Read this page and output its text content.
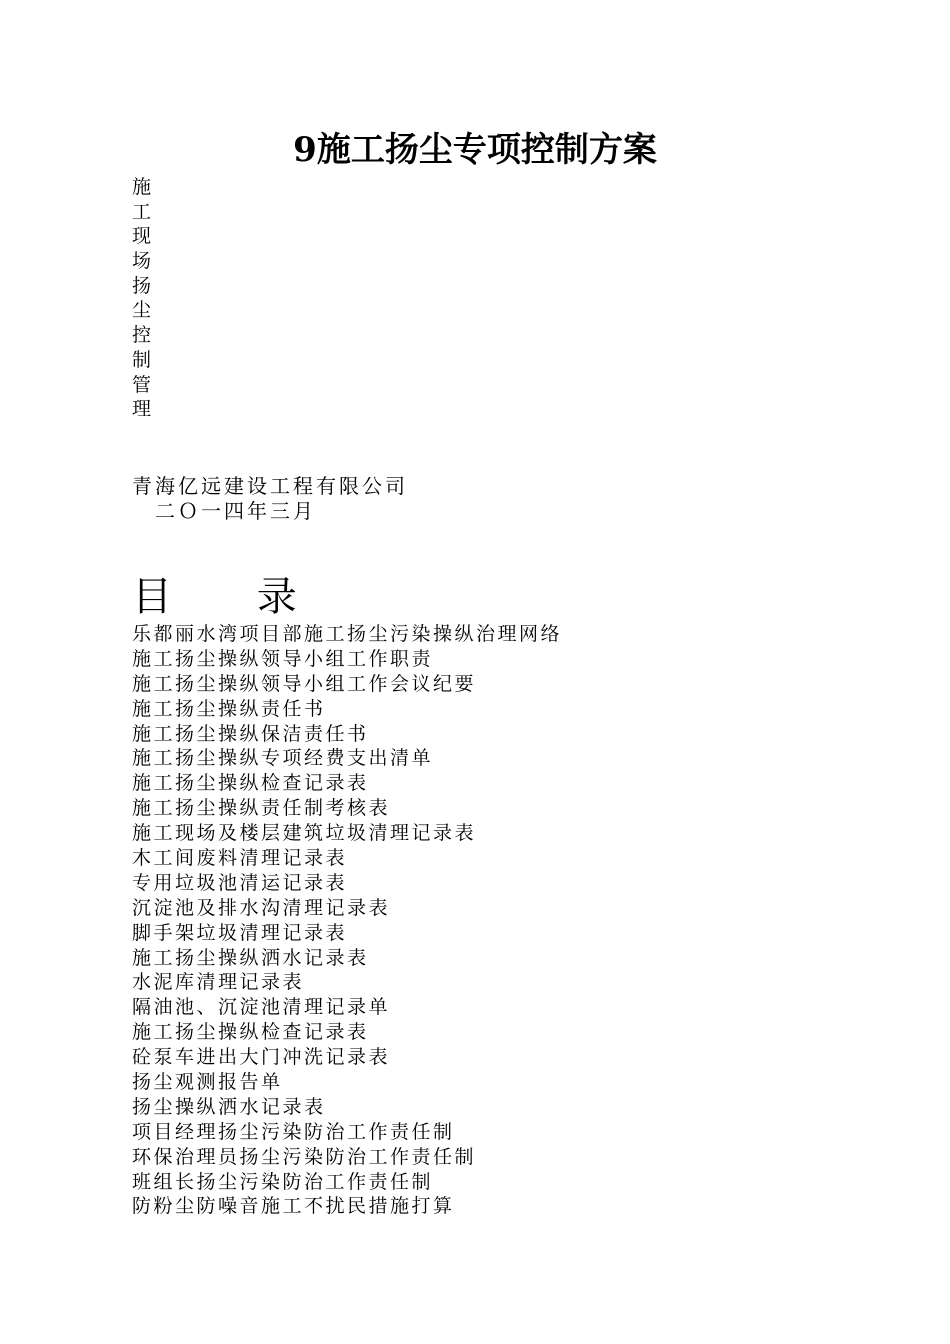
9施工扬尘专项控制方案
施
工
现
场
扬
尘
控
制
管
理
青海亿远建设工程有限公司
二Ｏ一四年三月
目 录
乐都丽水湾项目部施工扬尘污染操纵治理网络
施工扬尘操纵领导小组工作职责
施工扬尘操纵领导小组工作会议纪要
施工扬尘操纵责任书
施工扬尘操纵保洁责任书
施工扬尘操纵专项经费支出清单
施工扬尘操纵检查记录表
施工扬尘操纵责任制考核表
施工现场及楼层建筑垃圾清理记录表
木工间废料清理记录表
专用垃圾池清运记录表
沉淀池及排水沟清理记录表
脚手架垃圾清理记录表
施工扬尘操纵洒水记录表
水泥库清理记录表
隔油池、沉淀池清理记录单
施工扬尘操纵检查记录表
砼泵车进出大门冲洗记录表
扬尘观测报告单
扬尘操纵洒水记录表
项目经理扬尘污染防治工作责任制
环保治理员扬尘污染防治工作责任制
班组长扬尘污染防治工作责任制
防粉尘防噪音施工不扰民措施打算
